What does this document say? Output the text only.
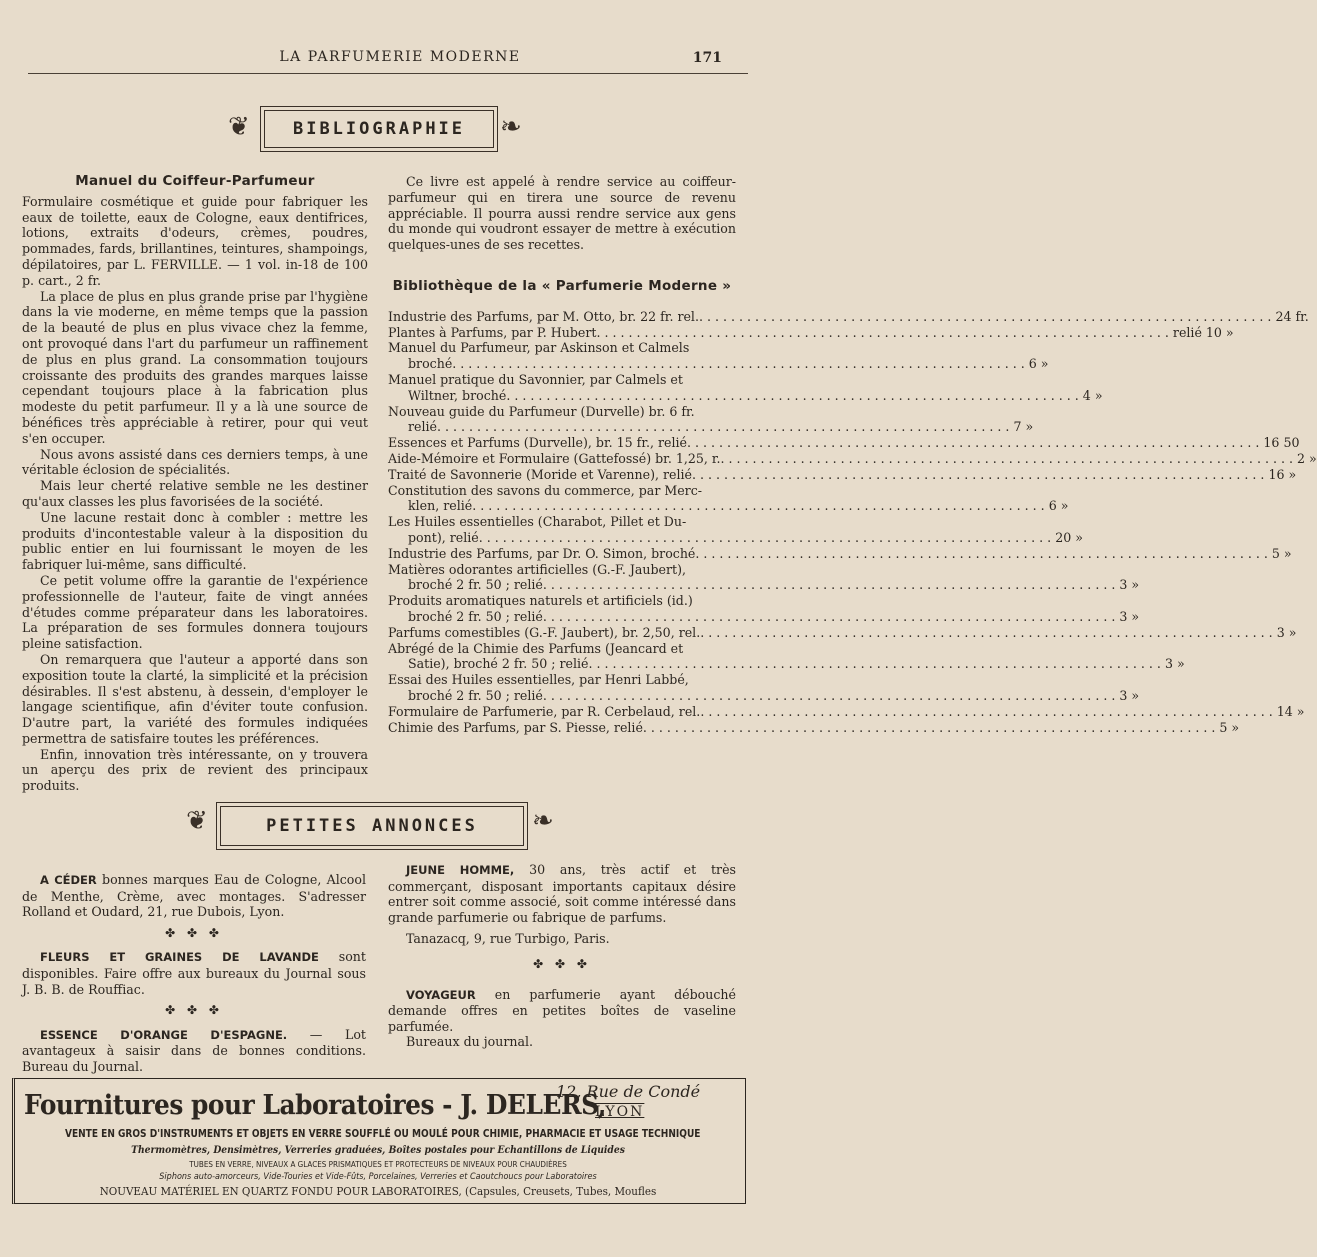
LA PARFUMERIE MODERNE	171
❦	BIBLIOGRAPHIE	❧
Manuel du Coiffeur-Parfumeur

Formulaire cosmétique et guide pour fabriquer les eaux de toilette, eaux de Cologne, eaux dentifrices, lotions, extraits d'odeurs, crèmes, poudres, pommades, fards, brillantines, teintures, shampoings, dépilatoires, par L. FERVILLE. — 1 vol. in-18 de 100 p. cart., 2 fr.

La place de plus en plus grande prise par l'hygiène dans la vie moderne, en même temps que la passion de la beauté de plus en plus vivace chez la femme, ont provoqué dans l'art du parfumeur un raffinement de plus en plus grand. La consommation toujours croissante des produits des grandes marques laisse cependant toujours place à la fabrication plus modeste du petit parfumeur. Il y a là une source de bénéfices très appréciable à retirer, pour qui veut s'en occuper.

Nous avons assisté dans ces derniers temps, à une véritable éclosion de spécialités.

Mais leur cherté relative semble ne les destiner qu'aux classes les plus favorisées de la société.

Une lacune restait donc à combler : mettre les produits d'incontestable valeur à la disposition du public entier en lui fournissant le moyen de les fabriquer lui-même, sans difficulté.

Ce petit volume offre la garantie de l'expérience professionnelle de l'auteur, faite de vingt années d'études comme préparateur dans les laboratoires. La préparation de ses formules donnera toujours pleine satisfaction.

On remarquera que l'auteur a apporté dans son exposition toute la clarté, la simplicité et la précision désirables. Il s'est abstenu, à dessein, d'employer le langage scientifique, afin d'éviter toute confusion. D'autre part, la variété des formules indiquées permettra de satisfaire toutes les préférences.

Enfin, innovation très intéressante, on y trouvera un aperçu des prix de revient des principaux produits.

Ce livre est appelé à rendre service au coiffeur-parfumeur qui en tirera une source de revenu appréciable. Il pourra aussi rendre service aux gens du monde qui voudront essayer de mettre à exécution quelques-unes de ses recettes.

Bibliothèque de la « Parfumerie Moderne »
Industrie des Parfums, par M. Otto, br. 22 fr. rel. . . .	24 fr.
Plantes à Parfums, par P. Hubert . . .	relié 10 »
Manuel du Parfumeur, par Askinson et Calmels
broché . . .	6 »
Manuel pratique du Savonnier, par Calmels et
Wiltner, broché . . .	4 »
Nouveau guide du Parfumeur (Durvelle) br. 6 fr.
relié . . .	7 »
Essences et Parfums (Durvelle), br. 15 fr., relié . . .	16 50
Aide-Mémoire et Formulaire (Gattefossé) br. 1,25, r. . . .	2 »
Traité de Savonnerie (Moride et Varenne), relié . . .	16 »
Constitution des savons du commerce, par Merc-
klen, relié . . .	6 »
Les Huiles essentielles (Charabot, Pillet et Du-
pont), relié . . .	20 »
Industrie des Parfums, par Dr. O. Simon, broché . . .	5 »
Matières odorantes artificielles (G.-F. Jaubert),
broché 2 fr. 50 ; relié . . .	3 »
Produits aromatiques naturels et artificiels (id.)
broché 2 fr. 50 ; relié . . .	3 »
Parfums comestibles (G.-F. Jaubert), br. 2,50, rel. . . .	3 »
Abrégé de la Chimie des Parfums (Jeancard et
Satie), broché 2 fr. 50 ; relié . . .	3 »
Essai des Huiles essentielles, par Henri Labbé,
broché 2 fr. 50 ; relié . . .	3 »
Formulaire de Parfumerie, par R. Cerbelaud, rel. . . .	14 »
Chimie des Parfums, par S. Piesse, relié . . .	5 »
❦	PETITES ANNONCES	❧

A CÉDER bonnes marques Eau de Cologne, Alcool de Menthe, Crème, avec montages. S'adresser Rolland et Oudard, 21, rue Dubois, Lyon.

✤ ✤ ✤

FLEURS ET GRAINES DE LAVANDE sont disponibles. Faire offre aux bureaux du Journal sous J. B. B. de Rouffiac.

✤ ✤ ✤

ESSENCE D'ORANGE D'ESPAGNE. — Lot avantageux à saisir dans de bonnes conditions. Bureau du Journal.

JEUNE HOMME, 30 ans, très actif et très commerçant, disposant importants capitaux désire entrer soit comme associé, soit comme intéressé dans grande parfumerie ou fabrique de parfums.

Tanazacq, 9, rue Turbigo, Paris.

✤ ✤ ✤

VOYAGEUR en parfumerie ayant débouché demande offres en petites boîtes de vaseline parfumée.

Bureaux du journal.

Fournitures pour Laboratoires - J. DELERS,
12, Rue de Condé
LYON
VENTE EN GROS D'INSTRUMENTS ET OBJETS EN VERRE SOUFFLÉ OU MOULÉ POUR CHIMIE, PHARMACIE ET USAGE TECHNIQUE
Thermomètres, Densimètres, Verreries graduées, Boîtes postales pour Echantillons de Liquides
TUBES EN VERRE, NIVEAUX A GLACES PRISMATIQUES ET PROTECTEURS DE NIVEAUX POUR CHAUDIÈRES
Siphons auto-amorceurs, Vide-Touries et Vide-Fûts, Porcelaines, Verreries et Caoutchoucs pour Laboratoires
NOUVEAU MATÉRIEL EN QUARTZ FONDU POUR LABORATOIRES, (Capsules, Creusets, Tubes, Moufles
